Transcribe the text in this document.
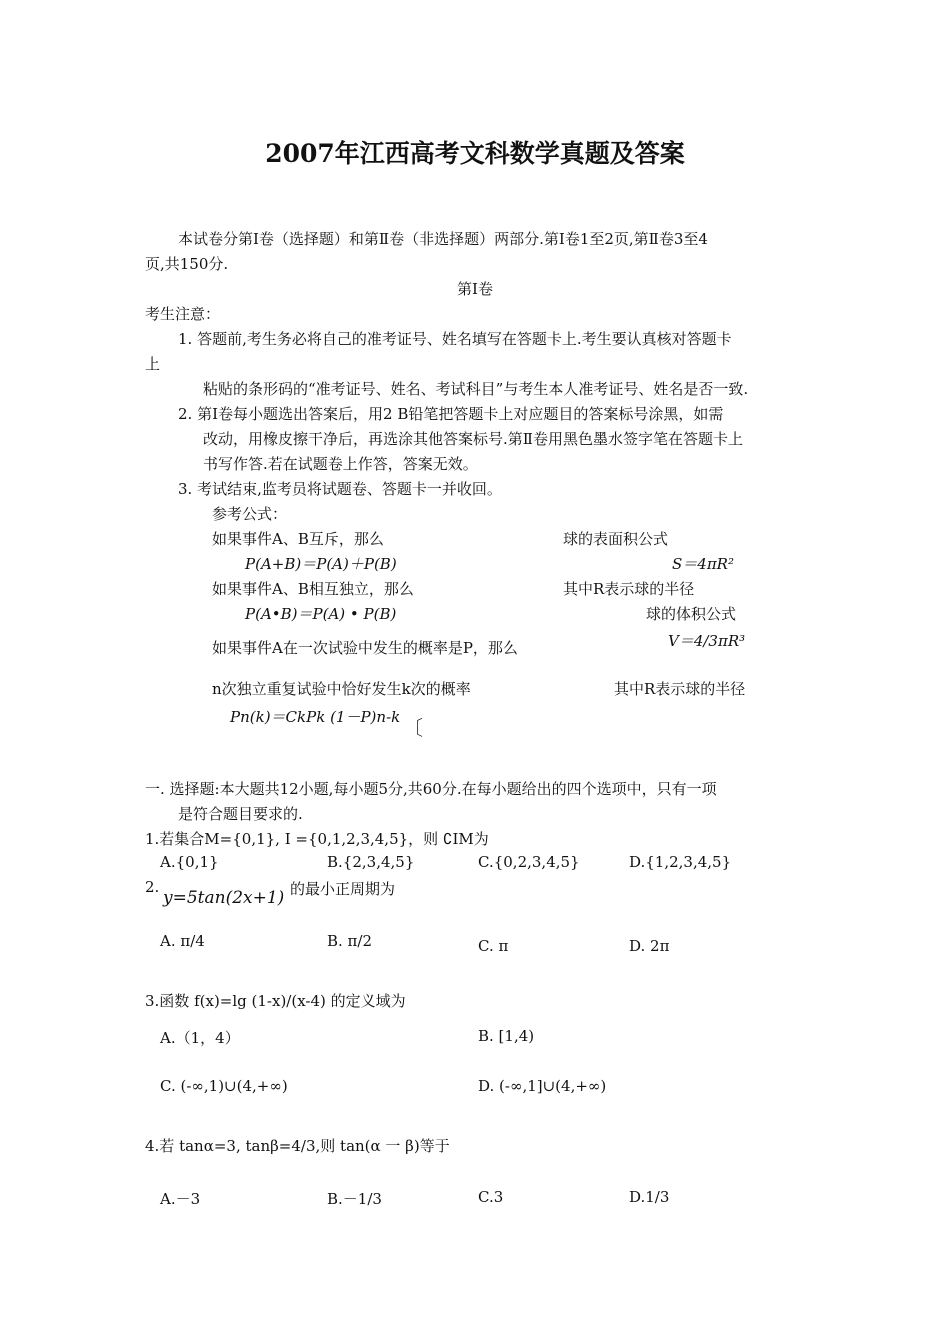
2007年江西高考文科数学真题及答案
本试卷分第Ⅰ卷（选择题）和第Ⅱ卷（非选择题）两部分.第Ⅰ卷1至2页,第Ⅱ卷3至4
页,共150分.
第Ⅰ卷
考生注意：
1. 答题前,考生务必将自己的准考证号、姓名填写在答题卡上.考生要认真核对答题卡
上
粘贴的条形码的“准考证号、姓名、考试科目”与考生本人准考证号、姓名是否一致.
2. 第Ⅰ卷每小题选出答案后，用2 B铅笔把答题卡上对应题目的答案标号涂黑，如需
改动，用橡皮擦干净后，再选涂其他答案标号.第Ⅱ卷用黑色墨水签字笔在答题卡上
书写作答.若在试题卷上作答，答案无效。
3. 考试结束,监考员将试题卷、答题卡一并收回。
参考公式：
如果事件A、B互斥，那么
P(A+B)＝P(A)＋P(B)
如果事件A、B相互独立，那么
P(A•B)＝P(A) • P(B)
如果事件A在一次试验中发生的概率是P，那么
n次独立重复试验中恰好发生k次的概率
Pn(k)＝CkPk (1－P)n-k 〔
球的表面积公式
S＝4πR²
其中R表示球的半径
球的体积公式
V＝4/3πR³
其中R表示球的半径
一. 选择题:本大题共12小题,每小题5分,共60分.在每小题给出的四个选项中，只有一项
是符合题目要求的.
1.若集合M={0,1}, I ={0,1,2,3,4,5}，则 ∁IM为
A.{0,1}	B.{2,3,4,5}	C.{0,2,3,4,5}	D.{1,2,3,4,5}
2.
y=5tan(2x+1) 的最小正周期为
A. π/4	B. π/2	C. π	D. 2π
3.函数 f(x)=lg (1-x)/(x-4) 的定义域为
A.（1，4）	B. [1,4)
C. (-∞,1)∪(4,+∞)	D. (-∞,1]∪(4,+∞)
4.若 tanα=3, tanβ=4/3,则 tan(α 一 β)等于
A.－3	B.－1/3	C.3	D.1/3
